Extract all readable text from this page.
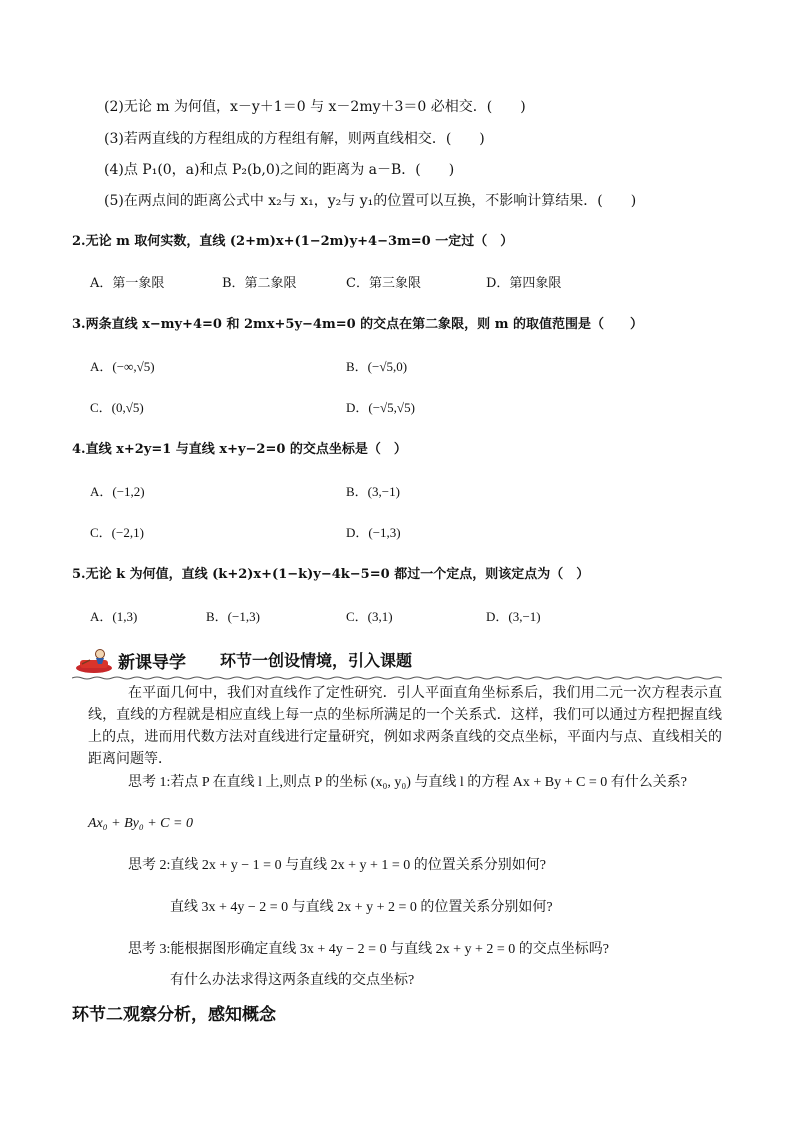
(2)无论 m 为何值，x－y＋1＝0 与 x－2my＋3＝0 必相交．(　　)
(3)若两直线的方程组成的方程组有解，则两直线相交．(　　)
(4)点 P₁(0，a)和点 P₂(b,0)之间的距离为 a－B．(　　)
(5)在两点间的距离公式中 x₂与 x₁，y₂与 y₁的位置可以互换，不影响计算结果．(　　)
2.无论 m 取何实数，直线 (2+m)x+(1−2m)y+4−3m=0 一定过（　）
A．第一象限	B．第二象限	C．第三象限	D．第四象限
3.两条直线 x−my+4=0 和 2mx+5y−4m=0 的交点在第二象限，则 m 的取值范围是（　　）
A．(−∞,√5)	B．(−√5,0)
C．(0,√5)	D．(−√5,√5)
4.直线 x+2y=1 与直线 x+y−2=0 的交点坐标是（　）
A．(−1,2)	B．(3,−1)
C．(−2,1)	D．(−1,3)
5.无论 k 为何值，直线 (k+2)x+(1−k)y−4k−5=0 都过一个定点，则该定点为（　）
A．(1,3)	B．(−1,3)	C．(3,1)	D．(3,−1)
新课导学 环节一创设情境，引入课题
在平面几何中，我们对直线作了定性研究．引人平面直角坐标系后，我们用二元一次方程表示直线，直线的方程就是相应直线上每一点的坐标所满足的一个关系式．这样，我们可以通过方程把握直线上的点，进而用代数方法对直线进行定量研究，例如求两条直线的交点坐标，平面内与点、直线相关的距离问题等．
思考 1:若点 P 在直线 l 上,则点 P 的坐标 (x₀, y₀) 与直线 l 的方程 Ax + By + C = 0 有什么关系?
Ax₀ + By₀ + C = 0
思考 2:直线 2x + y − 1 = 0 与直线 2x + y + 1 = 0 的位置关系分别如何?
直线 3x + 4y − 2 = 0 与直线 2x + y + 2 = 0 的位置关系分别如何?
思考 3:能根据图形确定直线 3x + 4y − 2 = 0 与直线 2x + y + 2 = 0 的交点坐标吗?
有什么办法求得这两条直线的交点坐标?
环节二观察分析，感知概念
